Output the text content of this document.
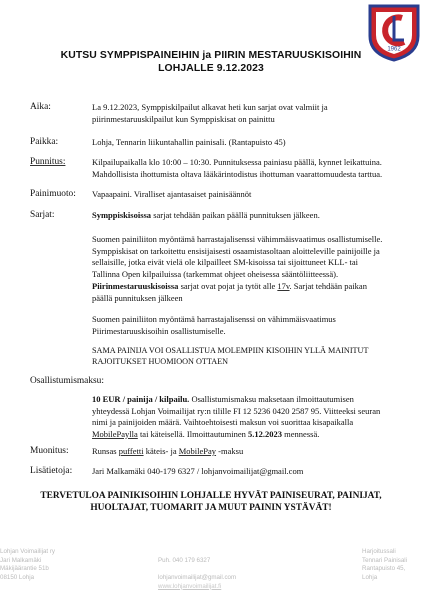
1962
KUTSU SYMPPISPAINEIHIN ja PIIRIN MESTARUUSKISOIHIN
LOHJALLE 9.12.2023
Aika:	La 9.12.2023, Symppiskilpailut alkavat heti kun sarjat ovat valmiit ja

piirinmestaruuskilpailut kun Symppiskisat on painittu

Paikka:	Lohja, Tennarin liikuntahallin painisali. (Rantapuisto 45)

Punnitus:	Kilpailupaikalla klo 10:00 – 10:30. Punnituksessa painiasu päällä, kynnet leikattuina.

Mahdollisista ihottumista oltava lääkärintodistus ihottuman vaarattomuudesta tarttua.

Painimuoto: Vapaapaini. Viralliset ajantasaiset painisäännöt

Sarjat:	Symppiskisoissa sarjat tehdään paikan päällä punnituksen jälkeen.

Suomen painiliiton myöntämä harrastajalisenssi vähimmäisvaatimus osallistumiselle.

Symppiskisat on tarkoitettu ensisijaisesti osaamistasoltaan aloitteleville painijoille ja

sellaisille, jotka eivät vielä ole kilpailleet SM-kisoissa tai sijoittuneet KLL- tai

Tallinna Open kilpailuissa (tarkemmat ohjeet oheisessa sääntöliitteessä).

Piirinmestaruuskisoissa sarjat ovat pojat ja tytöt alle 17v. Sarjat tehdään paikan

päällä punnituksen jälkeen

Suomen painiliiton myöntämä harrastajalisenssi on vähimmäisvaatimus

Piirimestaruuskisoihin osallistumiselle.

SAMA PAINIJA VOI OSALLISTUA MOLEMPIIN KISOIHIN YLLÄ MAINITUT

RAJOITUKSET HUOMIOON OTTAEN

Osallistumismaksu:

10 EUR / painija / kilpailu. Osallistumismaksu maksetaan ilmoittautumisen

yhteydessä Lohjan Voimailijat ry:n tilille FI 12 5236 0420 2587 95. Viitteeksi seuran

nimi ja painijoiden määrä. Vaihtoehtoisesti maksun voi suorittaa kisapaikalla

MobilePaylla tai käteisellä. Ilmoittautuminen 5.12.2023 mennessä.

Muonitus:	Runsas puffetti käteis- ja MobilePay -maksu

Lisätietoja: Jari Malkamäki 040-179 6327 / lohjanvoimailijat@gmail.com

TERVETULOA PAINIKISOIHIN LOHJALLE HYVÄT PAINISEURAT, PAINIJAT,
HUOLTAJAT, TUOMARIT JA MUUT PAININ YSTÄVÄT!
Lohjan Voimailijat ry
Jari Malkamäki
Mäkijäärantie 51b
08150 Lohja
Puh. 040 179 6327

lohjanvoimailijat@gmail.com
www.lohjanvoimailijat.fi
Harjoitussali
Tennari Painisali
Rantapuisto 45,
Lohja
